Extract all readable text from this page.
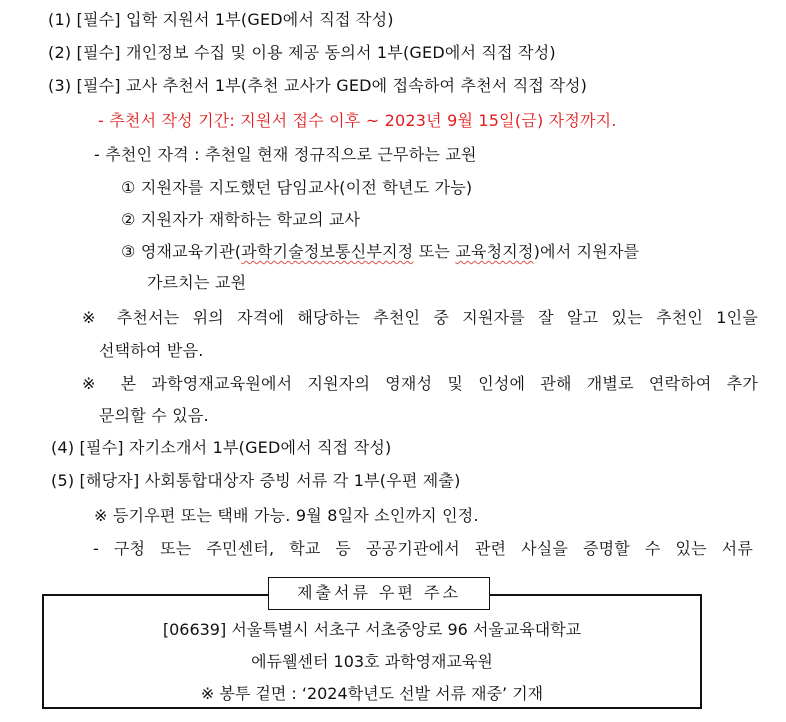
(1) [필수] 입학 지원서 1부(GED에서 직접 작성)
(2) [필수] 개인정보 수집 및 이용 제공 동의서 1부(GED에서 직접 작성)
(3) [필수] 교사 추천서 1부(추천 교사가 GED에 접속하여 추천서 직접 작성)
- 추천서 작성 기간: 지원서 접수 이후 ~ 2023년 9월 15일(금) 자정까지.
- 추천인 자격 : 추천일 현재 정규직으로 근무하는 교원
① 지원자를 지도했던 담임교사(이전 학년도 가능)
② 지원자가 재학하는 학교의 교사
③ 영재교육기관(과학기술정보통신부지정 또는 교육청지정)에서 지원자를
가르치는 교원
※ 추천서는 위의 자격에 해당하는 추천인 중 지원자를 잘 알고 있는 추천인 1인을
선택하여 받음.
※ 본 과학영재교육원에서 지원자의 영재성 및 인성에 관해 개별로 연락하여 추가
문의할 수 있음.
(4) [필수] 자기소개서 1부(GED에서 직접 작성)
(5) [해당자] 사회통합대상자 증빙 서류 각 1부(우편 제출)
※ 등기우편 또는 택배 가능. 9월 8일자 소인까지 인정.
- 구청 또는 주민센터, 학교 등 공공기관에서 관련 사실을 증명할 수 있는 서류
제출서류 우편 주소
[06639] 서울특별시 서초구 서초중앙로 96 서울교육대학교
에듀웰센터 103호 과학영재교육원
※ 봉투 겉면 : ‘2024학년도 선발 서류 재중’ 기재
